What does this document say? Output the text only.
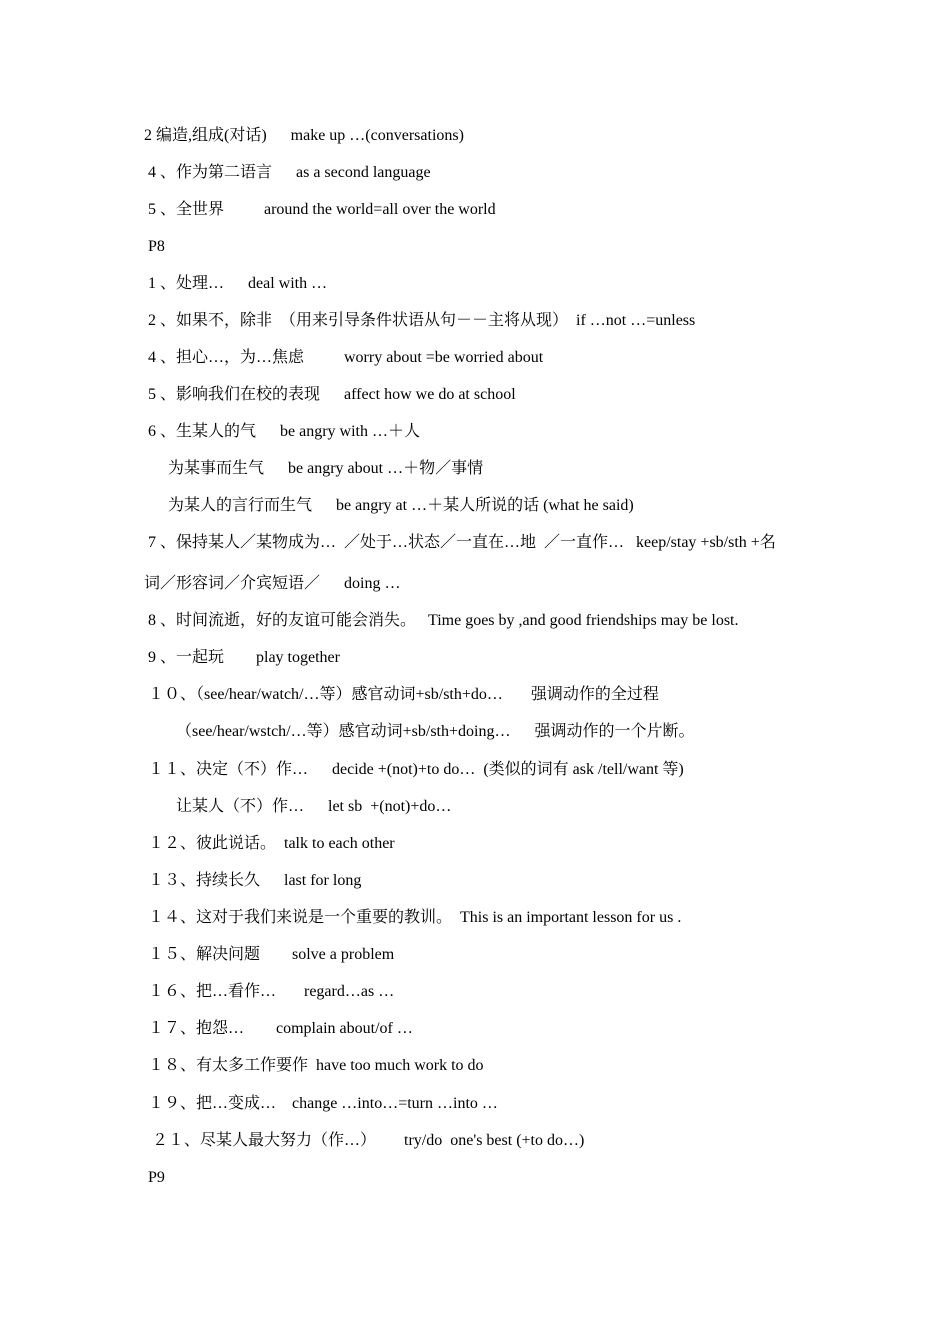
2 编造,组成(对话)      make up …(conversations)
4 、作为第二语言      as a second language
5 、全世界          around the world=all over the world
P8
1 、处理…      deal with …
2 、如果不，除非  （用来引导条件状语从句－－主将从现）  if …not …=unless
4 、担心…，为…焦虑          worry about =be worried about
5 、影响我们在校的表现      affect how we do at school
6 、生某人的气      be angry with …＋人
为某事而生气      be angry about …＋物／事情
为某人的言行而生气      be angry at …＋某人所说的话 (what he said)
7 、保持某人／某物成为…  ／处于…状态／一直在…地  ／一直作…   keep/stay +sb/sth +名
词／形容词／介宾短语／      doing …
8 、时间流逝，好的友谊可能会消失。   Time goes by ,and good friendships may be lost.
9 、一起玩        play together
１０、（see/hear/watch/…等）感官动词+sb/sth+do…       强调动作的全过程
（see/hear/wstch/…等）感官动词+sb/sth+doing…      强调动作的一个片断。
１１、决定（不）作…      decide +(not)+to do…  (类似的词有 ask /tell/want 等)
让某人（不）作…      let sb  +(not)+do…
１２、彼此说话。  talk to each other
１３、持续长久      last for long
１４、这对于我们来说是一个重要的教训。  This is an important lesson for us .
１５、解决问题        solve a problem
１６、把…看作…       regard…as …
１７、抱怨…        complain about/of …
１８、有太多工作要作  have too much work to do
１９、把…变成…    change …into…=turn …into …
２１、尽某人最大努力（作…）       try/do  one's best (+to do…)
P9
